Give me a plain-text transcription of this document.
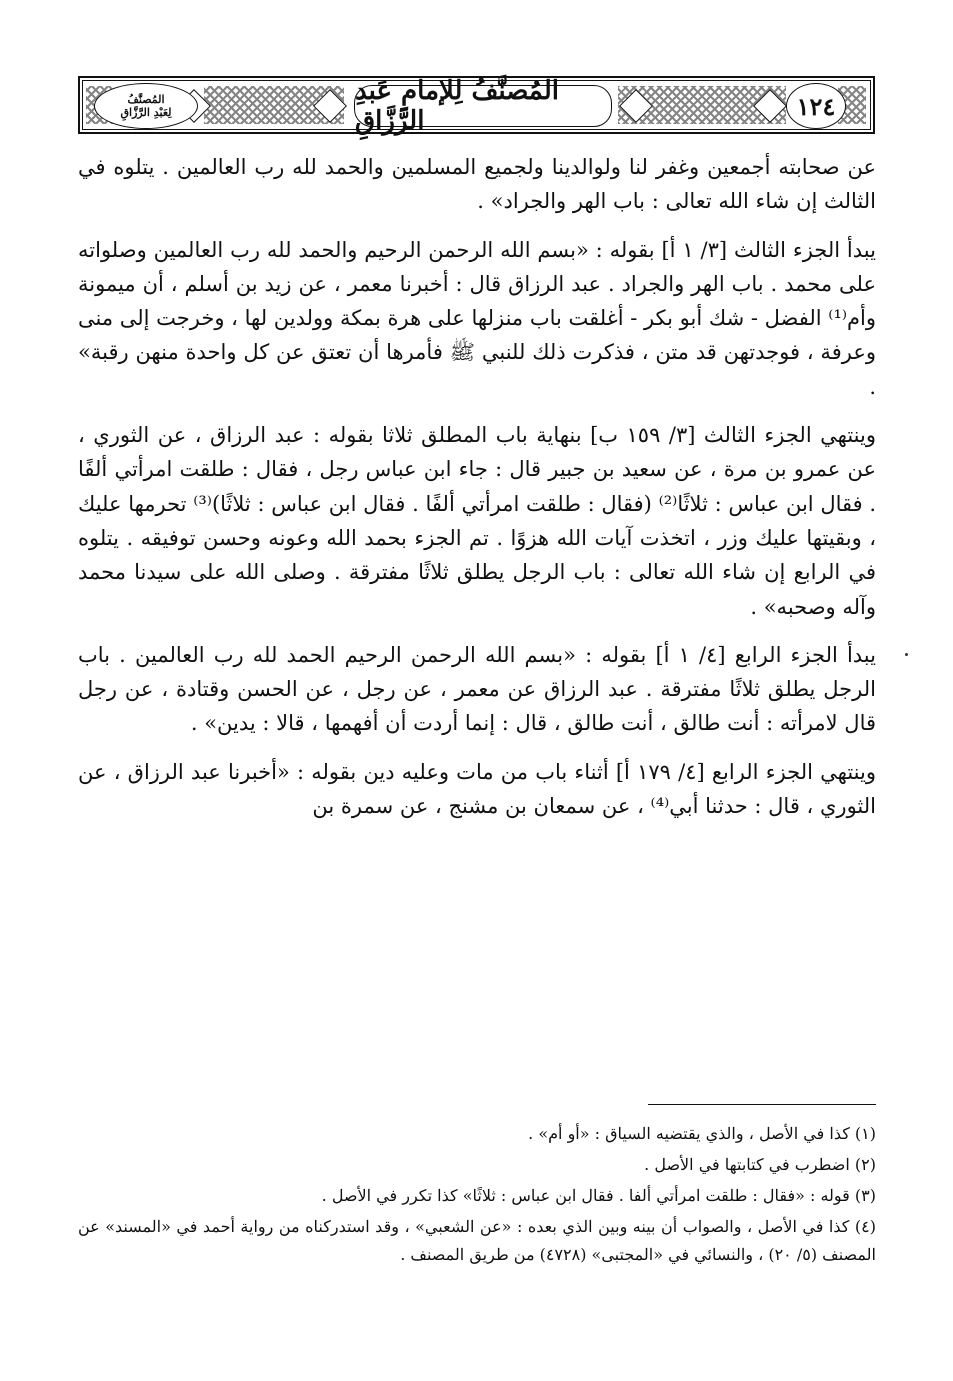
المُصنَّفُ
لِعَبْدِ الرَّزَّاقِ
المُصنَّفُ لِلإمامِ عَبدِ الرَّزَّاقِ	١٢٤

عن صحابته أجمعين وغفر لنا ولوالدينا ولجميع المسلمين والحمد لله رب العالمين . يتلوه في الثالث إن شاء الله تعالى : باب الهر والجراد» .

يبدأ الجزء الثالث [٣/ ١ أ] بقوله : «بسم الله الرحمن الرحيم والحمد لله رب العالمين وصلواته على محمد . باب الهر والجراد . عبد الرزاق قال : أخبرنا معمر ، عن زيد بن أسلم ، أن ميمونة وأم⁽¹⁾ الفضل - شك أبو بكر - أغلقت باب منزلها على هرة بمكة وولدين لها ، وخرجت إلى منى وعرفة ، فوجدتهن قد متن ، فذكرت ذلك للنبي ﷺ فأمرها أن تعتق عن كل واحدة منهن رقبة» .

وينتهي الجزء الثالث [٣/ ١٥٩ ب] بنهاية باب المطلق ثلاثا بقوله : عبد الرزاق ، عن الثوري ، عن عمرو بن مرة ، عن سعيد بن جبير قال : جاء ابن عباس رجل ، فقال : طلقت امرأتي ألفًا . فقال ابن عباس : ثلاثًا⁽²⁾ (فقال : طلقت امرأتي ألفًا . فقال ابن عباس : ثلاثًا)⁽³⁾ تحرمها عليك ، وبقيتها عليك وزر ، اتخذت آيات الله هزوًا . تم الجزء بحمد الله وعونه وحسن توفيقه . يتلوه في الرابع إن شاء الله تعالى : باب الرجل يطلق ثلاثًا مفترقة . وصلى الله على سيدنا محمد وآله وصحبه» .

يبدأ الجزء الرابع [٤/ ١ أ] بقوله : «بسم الله الرحمن الرحيم الحمد لله رب العالمين . باب الرجل يطلق ثلاثًا مفترقة . عبد الرزاق عن معمر ، عن رجل ، عن الحسن وقتادة ، عن رجل قال لامرأته : أنت طالق ، أنت طالق ، قال : إنما أردت أن أفهمها ، قالا : يدين» .

وينتهي الجزء الرابع [٤/ ١٧٩ أ] أثناء باب من مات وعليه دين بقوله : «أخبرنا عبد الرزاق ، عن الثوري ، قال : حدثنا أبي⁽⁴⁾ ، عن سمعان بن مشنج ، عن سمرة بن

(١) كذا في الأصل ، والذي يقتضيه السياق : «أو أم» .

(٢) اضطرب في كتابتها في الأصل .

(٣) قوله : «فقال : طلقت امرأتي ألفا . فقال ابن عباس : ثلاثًا» كذا تكرر في الأصل .

(٤) كذا في الأصل ، والصواب أن بينه وبين الذي بعده : «عن الشعبي» ، وقد استدركناه من رواية أحمد في «المسند» عن المصنف (٥/ ٢٠) ، والنسائي في «المجتبى» (٤٧٢٨) من طريق المصنف .
